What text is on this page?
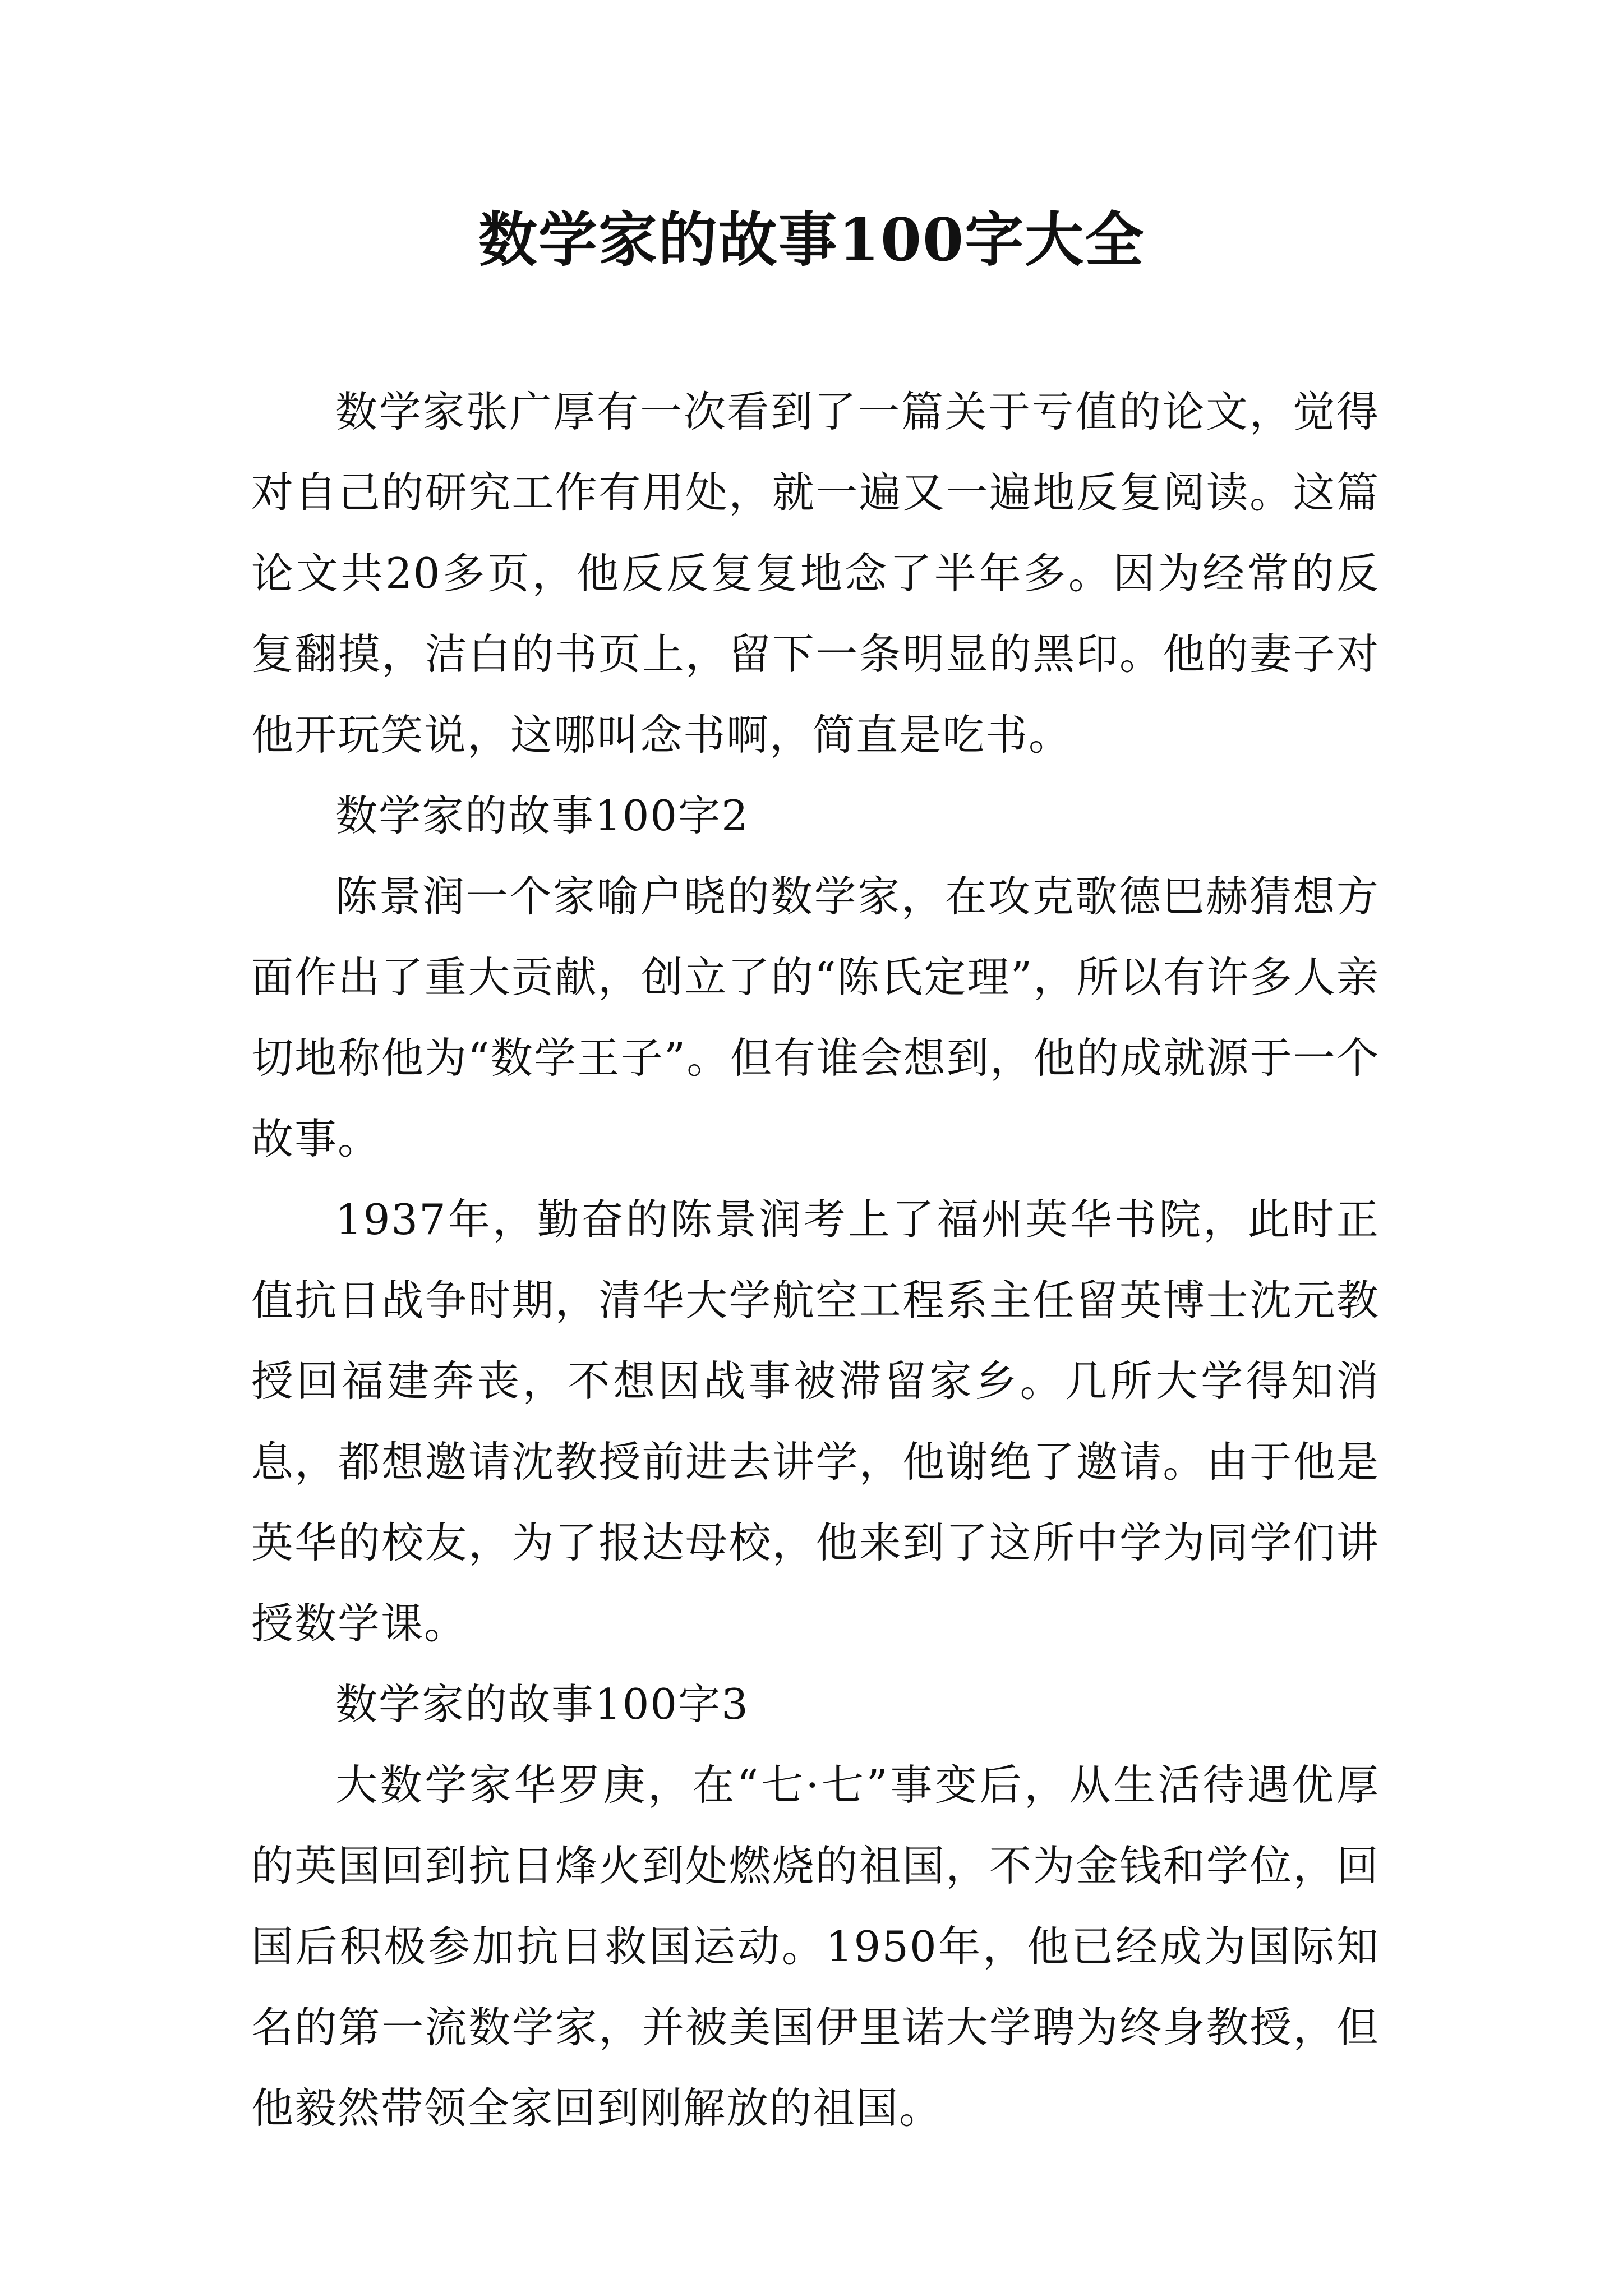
数学家的故事100字大全

数学家张广厚有一次看到了一篇关于亏值的论文，觉得对自己的研究工作有用处，就一遍又一遍地反复阅读。这篇论文共20多页，他反反复复地念了半年多。因为经常的反复翻摸，洁白的书页上，留下一条明显的黑印。他的妻子对他开玩笑说，这哪叫念书啊，简直是吃书。

数学家的故事100字2

陈景润一个家喻户晓的数学家，在攻克歌德巴赫猜想方面作出了重大贡献，创立了的“陈氏定理”，所以有许多人亲切地称他为“数学王子”。但有谁会想到，他的成就源于一个故事。

1937年，勤奋的陈景润考上了福州英华书院，此时正值抗日战争时期，清华大学航空工程系主任留英博士沈元教授回福建奔丧，不想因战事被滞留家乡。几所大学得知消息，都想邀请沈教授前进去讲学，他谢绝了邀请。由于他是英华的校友，为了报达母校，他来到了这所中学为同学们讲授数学课。

数学家的故事100字3

大数学家华罗庚，在“七·七”事变后，从生活待遇优厚的英国回到抗日烽火到处燃烧的祖国，不为金钱和学位，回国后积极参加抗日救国运动。1950年，他已经成为国际知名的第一流数学家，并被美国伊里诺大学聘为终身教授，但他毅然带领全家回到刚解放的祖国。
